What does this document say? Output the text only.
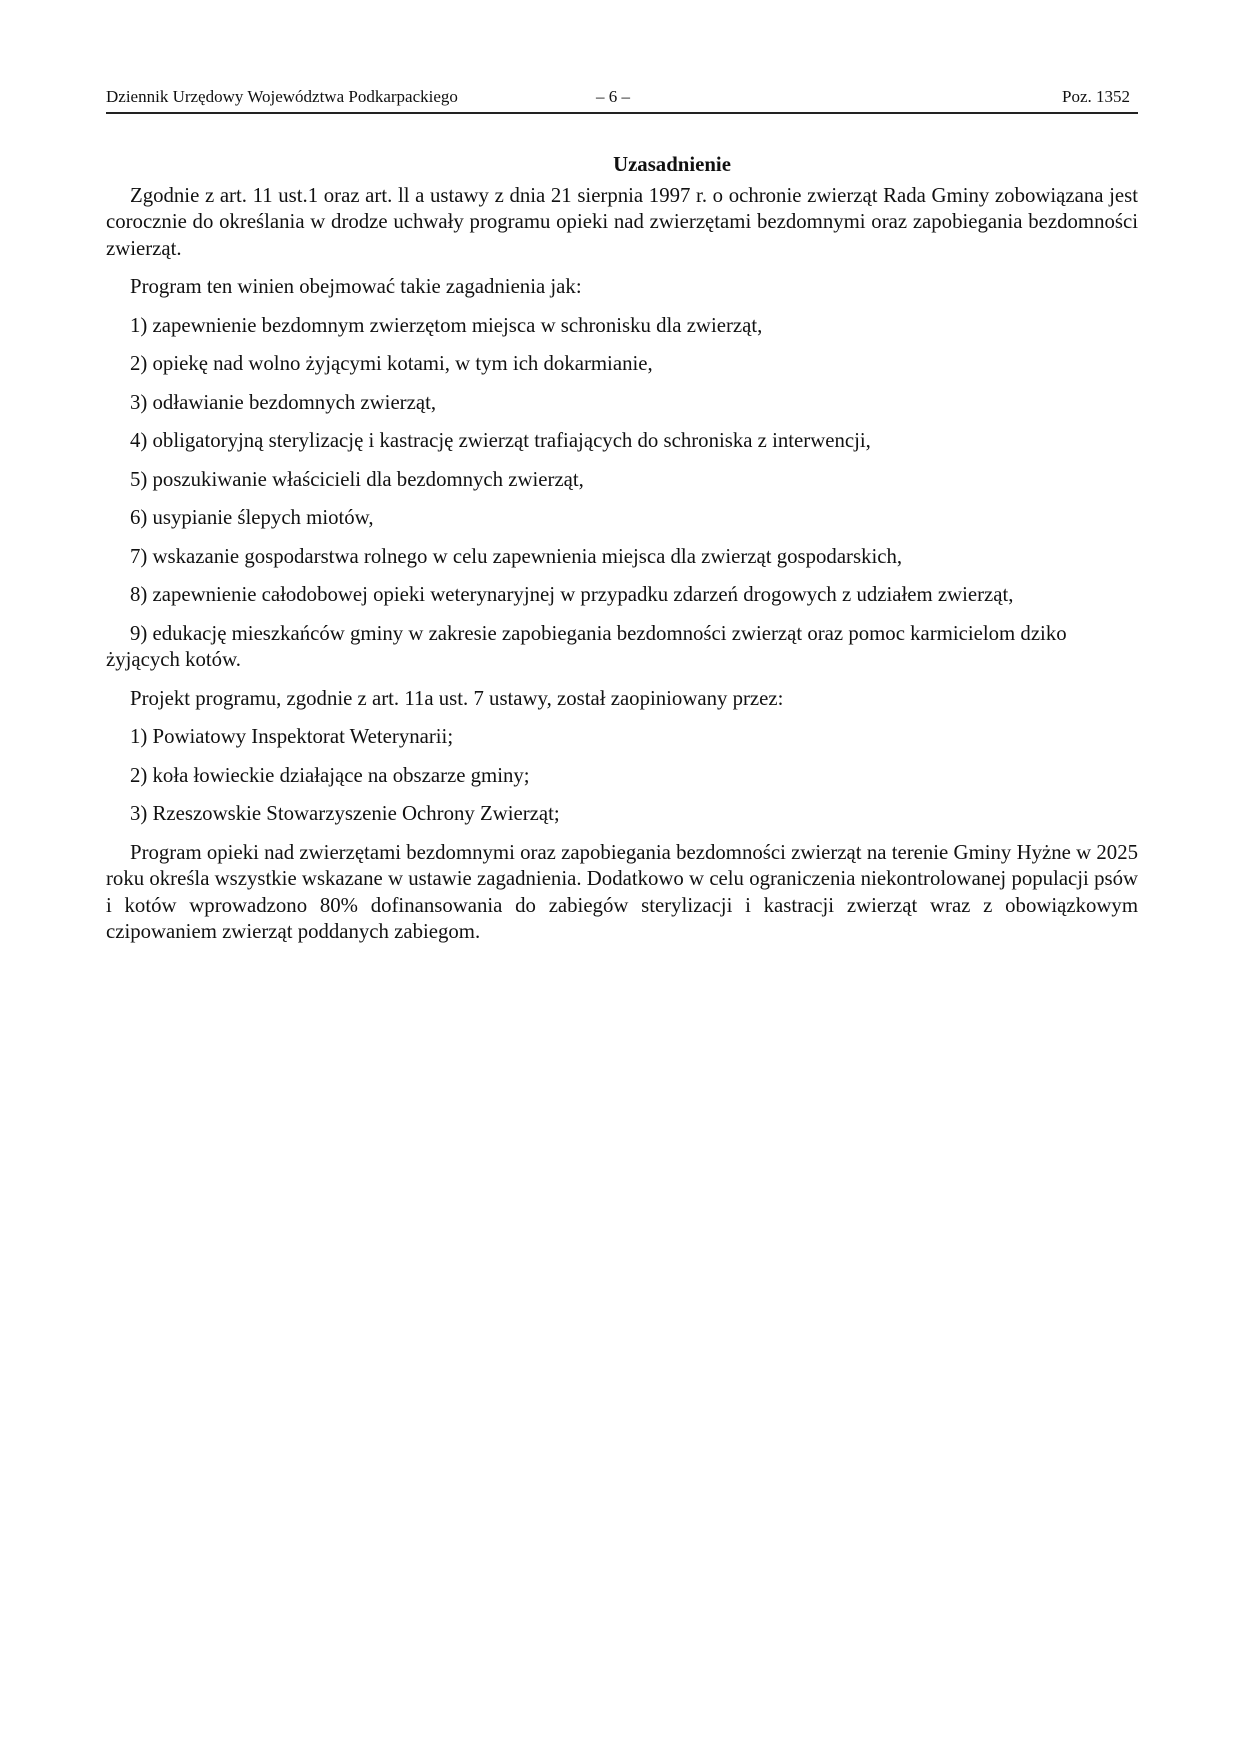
Dziennik Urzędowy Województwa Podkarpackiego	– 6 –	Poz. 1352
Uzasadnienie

Zgodnie z art. 11 ust.1 oraz art. ll a ustawy z dnia 21 sierpnia 1997 r. o ochronie zwierząt Rada Gminy zobowiązana jest corocznie do określania w drodze uchwały programu opieki nad zwierzętami bezdomnymi oraz zapobiegania bezdomności zwierząt.

Program ten winien obejmować takie zagadnienia jak:

1) zapewnienie bezdomnym zwierzętom miejsca w schronisku dla zwierząt,

2) opiekę nad wolno żyjącymi kotami, w tym ich dokarmianie,

3) odławianie bezdomnych zwierząt,

4) obligatoryjną sterylizację i kastrację zwierząt trafiających do schroniska z interwencji,

5) poszukiwanie właścicieli dla bezdomnych zwierząt,

6) usypianie ślepych miotów,

7) wskazanie gospodarstwa rolnego w celu zapewnienia miejsca dla zwierząt gospodarskich,

8) zapewnienie całodobowej opieki weterynaryjnej w przypadku zdarzeń drogowych z udziałem zwierząt,

9) edukację mieszkańców gminy w zakresie zapobiegania bezdomności zwierząt oraz pomoc karmicielom dziko żyjących kotów.

Projekt programu, zgodnie z art. 11a ust. 7 ustawy, został zaopiniowany przez:

1) Powiatowy Inspektorat Weterynarii;

2) koła łowieckie działające na obszarze gminy;

3) Rzeszowskie Stowarzyszenie Ochrony Zwierząt;

Program opieki nad zwierzętami bezdomnymi oraz zapobiegania bezdomności zwierząt na terenie Gminy Hyżne w 2025 roku określa wszystkie wskazane w ustawie zagadnienia. Dodatkowo w celu ograniczenia niekontrolowanej populacji psów i kotów wprowadzono 80% dofinansowania do zabiegów sterylizacji i kastracji zwierząt wraz z obowiązkowym czipowaniem zwierząt poddanych zabiegom.
